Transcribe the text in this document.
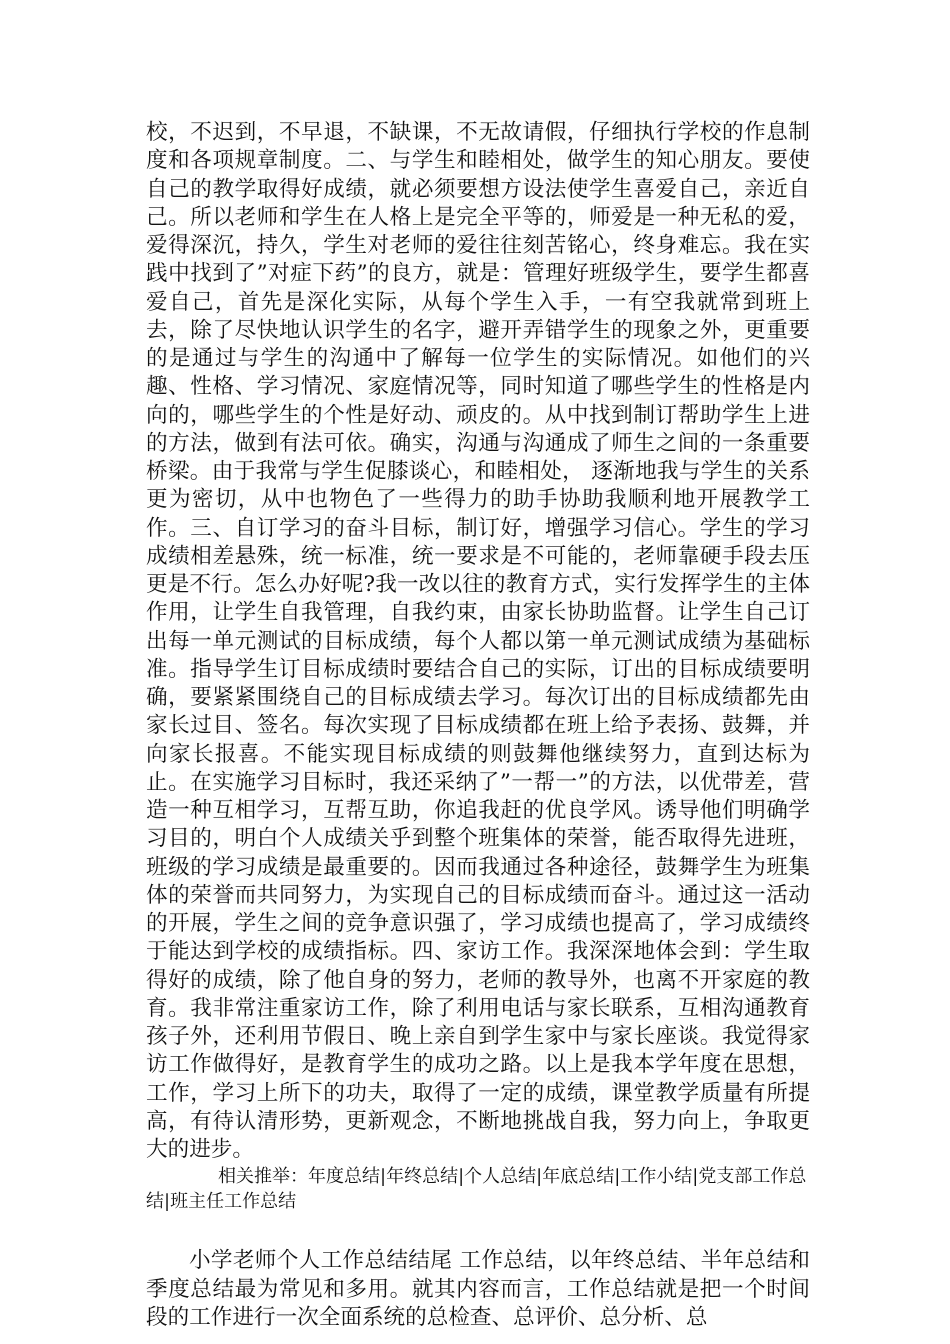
校，不迟到，不早退，不缺课，不无故请假，仔细执行学校的作息制度和各项规章制度。二、与学生和睦相处，做学生的知心朋友。要使自己的教学取得好成绩，就必须要想方设法使学生喜爱自己，亲近自己。所以老师和学生在人格上是完全平等的，师爱是一种无私的爱，爱得深沉，持久，学生对老师的爱往往刻苦铭心，终身难忘。我在实践中找到了”对症下药”的良方，就是：管理好班级学生，要学生都喜爱自己，首先是深化实际，从每个学生入手，一有空我就常到班上去，除了尽快地认识学生的名字，避开弄错学生的现象之外，更重要的是通过与学生的沟通中了解每一位学生的实际情况。如他们的兴趣、性格、学习情况、家庭情况等，同时知道了哪些学生的性格是内向的，哪些学生的个性是好动、顽皮的。从中找到制订帮助学生上进的方法，做到有法可依。确实，沟通与沟通成了师生之间的一条重要桥梁。由于我常与学生促膝谈心，和睦相处， 逐渐地我与学生的关系更为密切，从中也物色了一些得力的助手协助我顺利地开展教学工作。三、自订学习的奋斗目标，制订好，增强学习信心。学生的学习成绩相差悬殊，统一标准，统一要求是不可能的，老师靠硬手段去压更是不行。怎么办好呢?我一改以往的教育方式，实行发挥学生的主体作用，让学生自我管理，自我约束，由家长协助监督。让学生自己订出每一单元测试的目标成绩，每个人都以第一单元测试成绩为基础标准。指导学生订目标成绩时要结合自己的实际，订出的目标成绩要明确，要紧紧围绕自己的目标成绩去学习。每次订出的目标成绩都先由家长过目、签名。每次实现了目标成绩都在班上给予表扬、鼓舞，并向家长报喜。不能实现目标成绩的则鼓舞他继续努力，直到达标为止。在实施学习目标时，我还采纳了”一帮一”的方法，以优带差，营造一种互相学习，互帮互助，你追我赶的优良学风。诱导他们明确学习目的，明白个人成绩关乎到整个班集体的荣誉，能否取得先进班，班级的学习成绩是最重要的。因而我通过各种途径，鼓舞学生为班集体的荣誉而共同努力，为实现自己的目标成绩而奋斗。通过这一活动的开展，学生之间的竞争意识强了，学习成绩也提高了，学习成绩终于能达到学校的成绩指标。四、家访工作。我深深地体会到：学生取得好的成绩，除了他自身的努力，老师的教导外，也离不开家庭的教育。我非常注重家访工作，除了利用电话与家长联系，互相沟通教育孩子外，还利用节假日、晚上亲自到学生家中与家长座谈。我觉得家访工作做得好，是教育学生的成功之路。以上是我本学年度在思想，工作，学习上所下的功夫，取得了一定的成绩，课堂教学质量有所提高，有待认清形势，更新观念，不断地挑战自我，努力向上，争取更大的进步。

相关推举：年度总结|年终总结|个人总结|年底总结|工作小结|党支部工作总结|班主任工作总结

小学老师个人工作总结结尾 工作总结，以年终总结、半年总结和季度总结最为常见和多用。就其内容而言，工作总结就是把一个时间段的工作进行一次全面系统的总检查、总评价、总分析、总
